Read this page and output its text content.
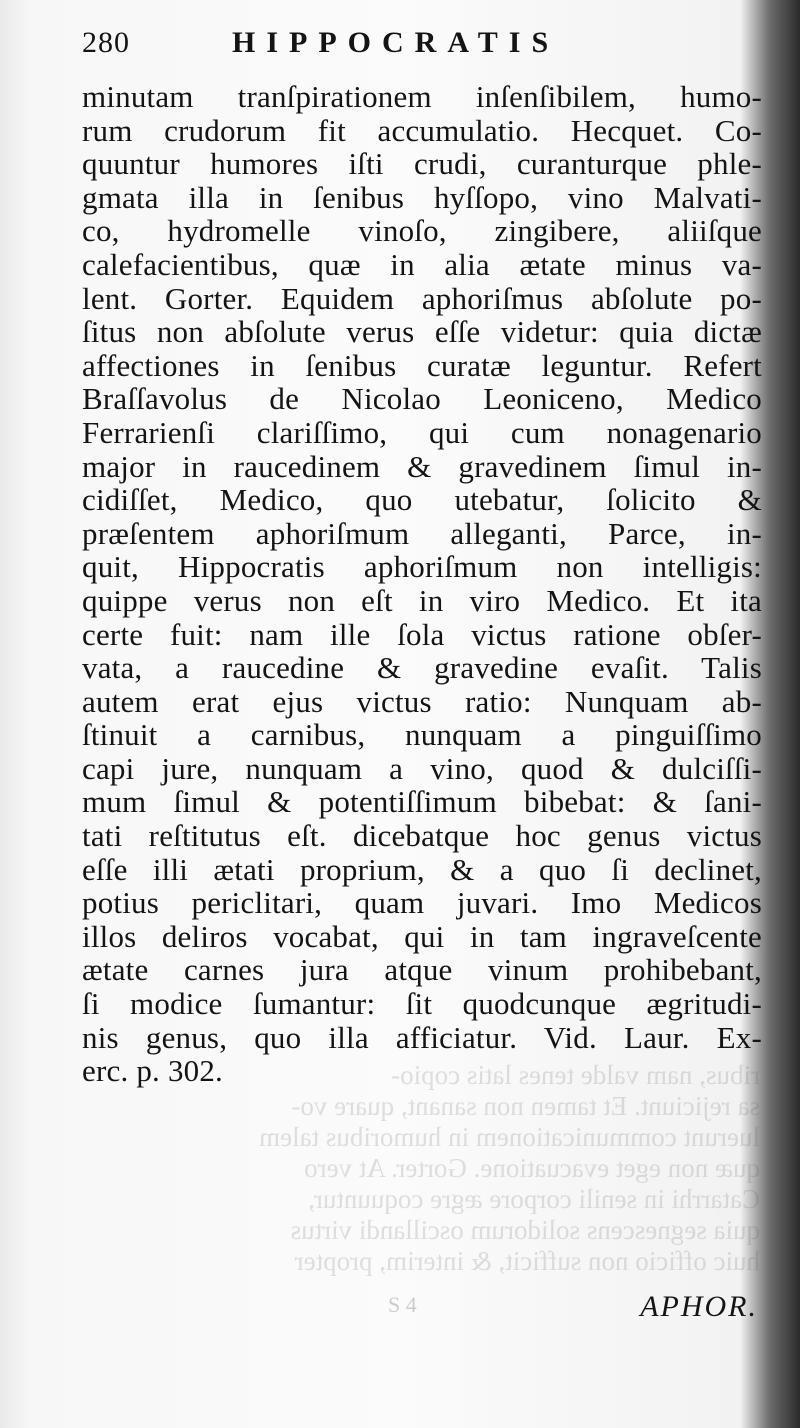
ribus, nam valde tenes latis copio-
sa rejiciunt. Et tamen non sanant, quare vo-
luerunt communicationem in humoribus talem
quæ non eget evacuatione. Gorter. At vero
Catarrhi in senili corpore ægre coquuntur,
quia segnescens solidorum oscillandi virtus
huic officio non sufficit, & interim, propter
280	HIPPOCRATIS
minutam tranſpirationem inſenſibilem, humo-
rum crudorum fit accumulatio. Hecquet. Co-
quuntur humores iſti crudi, curanturque phle-
gmata illa in ſenibus hyſſopo, vino Malvati-
co, hydromelle vinoſo, zingibere, aliiſque
calefacientibus, quæ in alia ætate minus va-
lent. Gorter. Equidem aphoriſmus abſolute po-
ſitus non abſolute verus eſſe videtur: quia dictæ
affectiones in ſenibus curatæ leguntur. Refert
Braſſavolus de Nicolao Leoniceno, Medico
Ferrarienſi clariſſimo, qui cum nonagenario
major in raucedinem & gravedinem ſimul in-
cidiſſet, Medico, quo utebatur, ſolicito &
præſentem aphoriſmum alleganti, Parce, in-
quit, Hippocratis aphoriſmum non intelligis:
quippe verus non eſt in viro Medico. Et ita
certe fuit: nam ille ſola victus ratione obſer-
vata, a raucedine & gravedine evaſit. Talis
autem erat ejus victus ratio: Nunquam ab-
ſtinuit a carnibus, nunquam a pinguiſſimo
capi jure, nunquam a vino, quod & dulciſſi-
mum ſimul & potentiſſimum bibebat: & ſani-
tati reſtitutus eſt. dicebatque hoc genus victus
eſſe illi ætati proprium, & a quo ſi declinet,
potius periclitari, quam juvari. Imo Medicos
illos deliros vocabat, qui in tam ingraveſcente
ætate carnes jura atque vinum prohibebant,
ſi modice ſumantur: ſit quodcunque ægritudi-
nis genus, quo illa afficiatur. Vid. Laur. Ex-
erc. p. 302.
S 4	APHOR.
